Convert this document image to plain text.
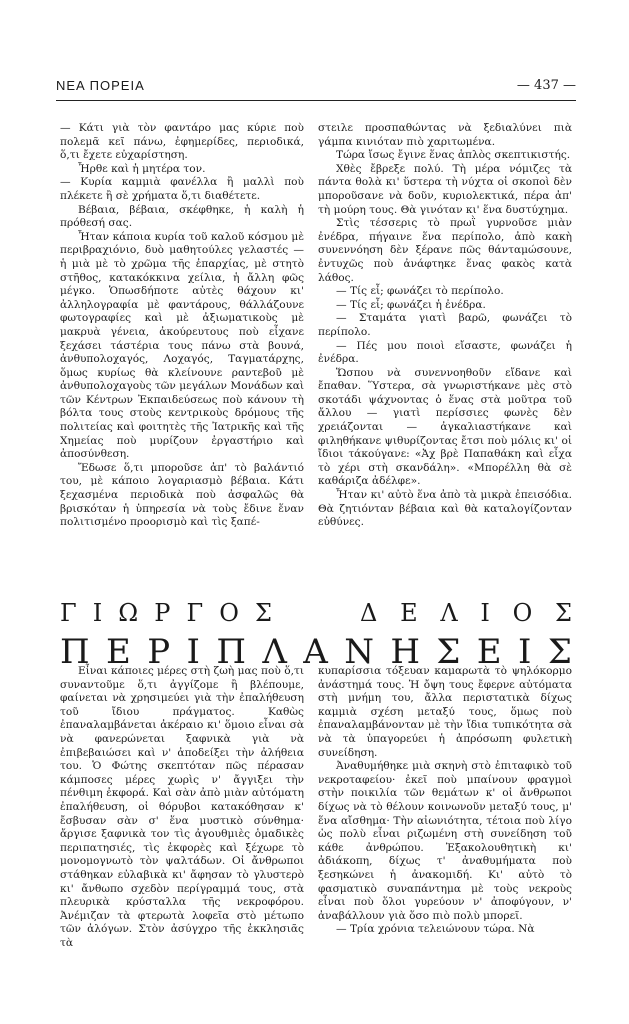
ΝΕΑ ΠΟΡΕΙΑ	— 437 —

— Κάτι γιὰ τὸν φαντάρο μας κύριε ποὺ πολεμᾶ κεῖ πάνω, ἐφημερίδες, περιοδικά, ὅ,τι ἔχετε εὐχαρίστηση.

Ἦρθε καὶ ἡ μητέρα τον.

— Κυρία καμμιὰ φανέλλα ἢ μαλλὶ ποὺ πλέκετε ἢ σὲ χρήματα ὅ,τι διαθέτετε.

Βέβαια, βέβαια, σκέφθηκε, ἡ καλὴ ἡ πρόθεσή σας.

Ἦταν κάποια κυρία τοῦ καλοῦ κόσμου μὲ περιβραχιόνιο, δυὸ μαθητούλες γελαστές — ἡ μιὰ μὲ τὸ χρῶμα τῆς ἐπαρχίας, μὲ στητὸ στῆθος, κατακόκκινα χείλια, ἡ ἄλλη φῶς μέγκο. Ὁπωσδήποτε αὐτὲς θάχουν κι' ἀλληλογραφία μὲ φαντάρους, θάλλάζουνε φωτογραφίες καὶ μὲ ἀξιωματικοὺς μὲ μακρυὰ γένεια, ἀκούρευτους ποὺ εἶχανε ξεχάσει τάστέρια τους πάνω στὰ βουνά, ἀνθυπολοχαγός, Λοχαγός, Ταγματάρχης, ὅμως κυρίως θὰ κλείνουνε ραντεβοῦ μὲ ἀνθυπολοχαγοὺς τῶν μεγάλων Μονάδων καὶ τῶν Κέντρων Ἐκπαιδεύσεως ποὺ κάνουν τὴ βόλτα τους στοὺς κεντρικοὺς δρόμους τῆς πολιτείας καὶ φοιτητὲς τῆς Ἰατρικῆς καὶ τῆς Χημείας ποὺ μυρίζουν ἐργαστήριο καὶ ἀποσύνθεση.

Ἔδωσε ὅ,τι μποροῦσε ἀπ' τὸ βαλάντιό του, μὲ κάποιο λογαριασμὸ βέβαια. Κάτι ξεχασμένα περιοδικὰ ποὺ ἀσφαλῶς θὰ βρισκόταν ἡ ὑπηρεσία νὰ τοὺς ἔδινε ἕναν πολιτισμένο προορισμὸ καὶ τὶς ξαπέ-

στειλε προσπαθώντας νὰ ξεδιαλύνει πιὰ γάμπα κινιόταν πιὸ χαριτωμένα.

Τώρα ἴσως ἔγινε ἕνας ἁπλὸς σκεπτικιστής.

Χθὲς ἔβρεξε πολύ. Τὴ μέρα νόμιζες τὰ πάντα θολὰ κι' ὕστερα τὴ νύχτα οἱ σκοποὶ δὲν μποροῦσανε νὰ δοῦν, κυριολεκτικά, πέρα ἀπ' τὴ μούρη τους. Θὰ γινόταν κι' ἕνα δυστύχημα.

Στὶς τέσσερις τὸ πρωῒ γυρνοῦσε μιὰν ἐνέδρα, πήγαινε ἕνα περίπολο, ἀπὸ κακὴ συνεννόηση δὲν ξέρανε πῶς θάνταμώσουνε, ἐντυχῶς ποὺ ἀνάφτηκε ἕνας φακὸς κατὰ λάθος.

— Τίς εἶ; φωνάζει τὸ περίπολο.

— Τίς εἶ; φωνάζει ἡ ἐνέδρα.

— Σταμάτα γιατὶ βαρῶ, φωνάζει τὸ περίπολο.

— Πές μου ποιοὶ εἴσαστε, φωνάζει ἡ ἐνέδρα.

Ὥσπου νὰ συνεννοηθοῦν εἴδανε καὶ ἔπαθαν. Ὕστερα, σὰ γνωριστήκανε μὲς στὸ σκοτάδι ψάχνοντας ὁ ἕνας στὰ μοῦτρα τοῦ ἄλλου — γιατὶ περίσσιες φωνὲς δὲν χρειάζονται — ἀγκαλιαστήκανε καὶ φιληθήκανε ψιθυρίζοντας ἔτσι ποὺ μόλις κι' οἱ ἴδιοι τάκούγανε: «Ἀχ βρὲ Παπαθάκη καὶ εἶχα τὸ χέρι στὴ σκανδάλη». «Μπορέλλη θὰ σὲ καθάριζα ἀδέλφε».

Ἦταν κι' αὐτὸ ἕνα ἀπὸ τὰ μικρὰ ἐπεισόδια. Θὰ ζητιόνταν βέβαια καὶ θὰ καταλογίζονταν εὐθύνες.

Γ Ι Ω Ρ Γ Ο Σ	Δ Ε Λ Ι Ο Σ
Π Ε Ρ Ι Π Λ Α Ν Η Σ Ε Ι Σ

Εἶναι κάποιες μέρες στὴ ζωὴ μας ποὺ ὅ,τι συναντοῦμε ὅ,τι ἀγγίζομε ἢ βλέπουμε, φαίνεται νὰ χρησιμεύει γιὰ τὴν ἐπαλήθευση τοῦ ἴδιου πράγματος. Καθὼς ἐπαναλαμβάνεται ἀκέραιο κι' ὅμοιο εἶναι σὰ νὰ φανερώνεται ξαφνικὰ γιὰ νὰ ἐπιβεβαιώσει καὶ ν' ἀποδείξει τὴν ἀλήθεια του. Ὁ Φώτης σκεπτόταν πῶς πέρασαν κάμποσες μέρες χωρὶς ν' ἄγγιξει τὴν πένθιμη ἐκφορά. Καὶ σὰν ἀπὸ μιὰν αὐτόματη ἐπαλήθευση, οἱ θόρυβοι κατακόθησαν κ' ἔσβυσαν σὰν σ' ἕνα μυστικὸ σύνθημα· ἄργισε ξαφνικὰ τον τὶς ἀγουθμιὲς ὁμαδικὲς περιπατησιές, τὶς ἐκφορὲς καὶ ξέχωρε τὸ μονομογνωτὸ τὸν ψαλτάδων. Οἱ ἄνθρωποι στάθηκαν εὐλαβικὰ κι' ἄφησαν τὸ γλυστερὸ κι' ἄνθωπο σχεδὸν περίγραμμά τους, στὰ πλευρικὰ κρύσταλλα τῆς νεκροφόρου. Ἀνέμιζαν τὰ φτερωτὰ λοφεῖα στὸ μέτωπο τῶν ἀλόγων. Στὸν ἀσύγχρο τῆς ἐκκλησιᾶς τὰ

κυπαρίσσια τόξευαν καμαρωτὰ τὸ ψηλόκορμο ἀνάστημά τους. Ἡ ὄψη τους ἔφερνε αὐτόματα στὴ μνήμη του, ἄλλα περιστατικὰ δίχως καμμιὰ σχέση μεταξύ τους, ὅμως ποὺ ἐπαναλαμβάνονταν μὲ τὴν ἴδια τυπικότητα σὰ νὰ τὰ ὑπαγορεύει ἡ ἀπρόσωπη φυλετικὴ συνείδηση.

Ἀναθυμήθηκε μιὰ σκηνὴ στὸ ἐπιταφικὸ τοῦ νεκροταφείου· ἐκεῖ ποὺ μπαίνουν φραγμοὶ στὴν ποικιλία τῶν θεμάτων κ' οἱ ἄνθρωποι δίχως νὰ τὸ θέλουν κοινωνοῦν μεταξύ τους, μ' ἕνα αἴσθημα· Τὴν αἰωνιότητα, τέτοια ποὺ λίγο ὡς πολὺ εἶναι ριζωμένη στὴ συνείδηση τοῦ κάθε ἀνθρώπου. Ἐξακολουθητικὴ κι' ἀδιάκοπη, δίχως τ' ἀναθυμήματα ποὺ ξεσηκώνει ἡ ἀνακομιδή. Κι' αὐτὸ τὸ φασματικὸ συναπάντημα μὲ τοὺς νεκροὺς εἶναι ποὺ ὅλοι γυρεύουν ν' ἀποφύγουν, ν' ἀναβάλλουν γιὰ ὅσο πιὸ πολὺ μπορεῖ.

— Τρία χρόνια τελειώνουν τώρα. Νὰ
